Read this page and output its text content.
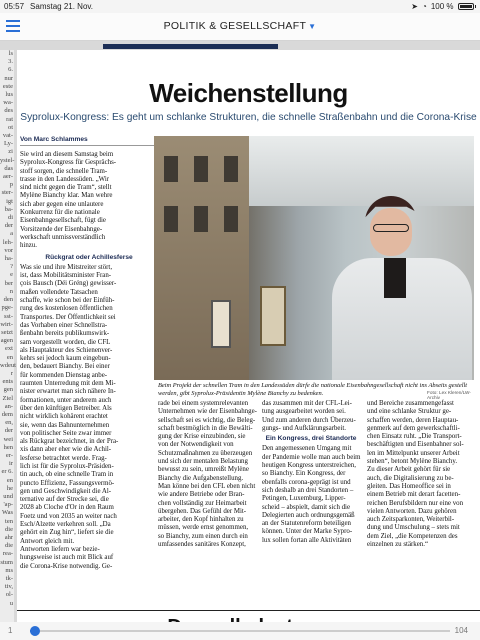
05:57 Samstag 21. Nov.	➤ ◔ 100 %
POLITIK & GESELLSCHAFT ▼
ls
3.
6.
nur
este
lus
wa-
des
rat
ot
vat-
Ly-
zi
ystel-
das
aer-
p
ster-
igt
ba-
di
der
a
leh-
vor
ha-
?
e
ber
n
den
pge-
sst-
wirt-
setzt
agen
ext
en
wdeut
r
ents
gen
Ziel
an-
dem
en,
der
wei
hen
er-
ir
er 6.
en
he
und
'ap-
Was
ten
die
ahr
die
rea-
stum
ms
tk-
tiv,
ol-
u
Weichenstellung
Syprolux-Kongress: Es geht um schlanke Strukturen, die schnelle Straßenbahn und die Corona-Krise
Von Marc Schlammes
Sie wird an diesem Samstag beim
Syprolux-Kongress für Gesprächs-
stoff sorgen, die schnelle Tram-
trasse in den Landessüden. „Wir
sind nicht gegen die Tram“, stellt
Mylène Bianchy klar. Man wehre
sich aber gegen eine unlautere
Konkurrenz für die nationale
Eisenbahngesellschaft, fügt die
Vorsitzende der Eisenbahnge-
werkschaft unmissverständlich
hinzu.
Rückgrat oder Achillesferse
Was sie und ihre Mitstreiter stört,
ist, dass Mobilitätsminister Fran-
çois Bausch (Déi Gréng) gewisser-
maßen vollendete Tatsachen
schaffe, wie schon bei der Einfüh-
rung des kostenlosen öffentlichen
Transportes. Der Öffentlichkeit sei
das Vorhaben einer Schnellstra-
ßenbahn bereits publikumswirk-
sam vorgestellt worden, die CFL
als Hauptakteur des Schienenver-
kehrs sei jedoch kaum eingebun-
den, bedauert Bianchy. Bei einer
für kommenden Dienstag anbe-
raumten Unterredung mit dem Mi-
nister erwartet man sich nähere In-
formationen, unter anderem auch
über den künftigen Betreiber. Als
nicht wirklich kohärent erachtet
sie, wenn das Bahnunternehmen
von politischer Seite zwar immer
als Rückgrat bezeichnet, in der Pra-
xis dann aber eher wie die Achil-
lesferse betrachtet werde. Frag-
lich ist für die Syprolux-Präsiden-
tin auch, ob eine schnelle Tram in
puncto Effizienz, Fassungsvermö-
gen und Geschwindigkeit die Al-
ternative auf der Strecke sei, die
2028 ab Cloche d'Or in den Raum
Foetz und von 2035 an weiter nach
Esch/Alzette verkehren soll. „Da
gehört ein Zug hin“, liefert sie die
Antwort gleich mit.
Antworten liefern war bezie-
hungsweise ist auch mit Blick auf
die Corona-Krise notwendig. Ge-
Beim Projekt der schnellen Tram in den Landessüden dürfe die nationale Eisenbahngesellschaft nicht ins Abseits gestellt werden, gibt Syprolux-Präsidentin Mylène Bianchy zu bedenken.	Foto: Lex Kleren/LW-Archiv
rade bei einem systemrelevanten
Unternehmen wie der Eisenbahnge-
sellschaft sei es wichtig, die Beleg-
schaft bestmöglich in die Bewälti-
gung der Krise einzubinden, sie
von der Notwendigkeit von
Schutzmaßnahmen zu überzeugen
und sich der mentalen Belastung
bewusst zu sein, umreißt Mylène
Bianchy die Aufgabenstellung.
Man könne bei den CFL eben nicht
wie andere Betriebe oder Bran-
chen vollständig zur Heimarbeit
übergehen. Das Gefühl der Mit-
arbeiter, den Kopf hinhalten zu
müssen, werde ernst genommen,
so Bianchy, zum einen durch ein
umfassendes sanitäres Konzept,
das zusammen mit der CFL-Lei-
tung ausgearbeitet worden sei.
Und zum anderen durch Überzeu-
gungs- und Aufklärungsarbeit.
Ein Kongress, drei Standorte
Den angemessenen Umgang mit
der Pandemie wolle man auch beim
heutigen Kongress unterstreichen,
so Bianchy. Ein Kongress, der
ebenfalls corona-geprägt ist und
sich deshalb an drei Standorten –
Petingen, Luxemburg, Lipper-
scheid – abspielt, damit sich die
Delegierten auch ordnungsgemäß
an der Statutenreform beteiligen
können. Unter der Marke Sypro-
lux sollen fortan alle Aktivitäten
und Bereiche zusammengefasst
und eine schlanke Struktur ge-
schaffen werden, deren Hauptau-
genmerk auf dem gewerkschaftli-
chen Einsatz ruht. „Die Transport-
beschäftigten und Eisenbahner sol-
len im Mittelpunkt unserer Arbeit
stehen“, betont Mylène Bianchy.
Zu dieser Arbeit gehört für sie
auch, die Digitalisierung zu be-
gleiten. Das Homeoffice sei in
einem Betrieb mit derart facetten-
reichen Berufsbildern nur eine von
vielen Antworten. Dazu gehören
auch Zeitsparkonten, Weiterbil-
dung und Umschulung – stets mit
dem Ziel, „die Kompetenzen des
einzelnen zu stärken.“
1	104
